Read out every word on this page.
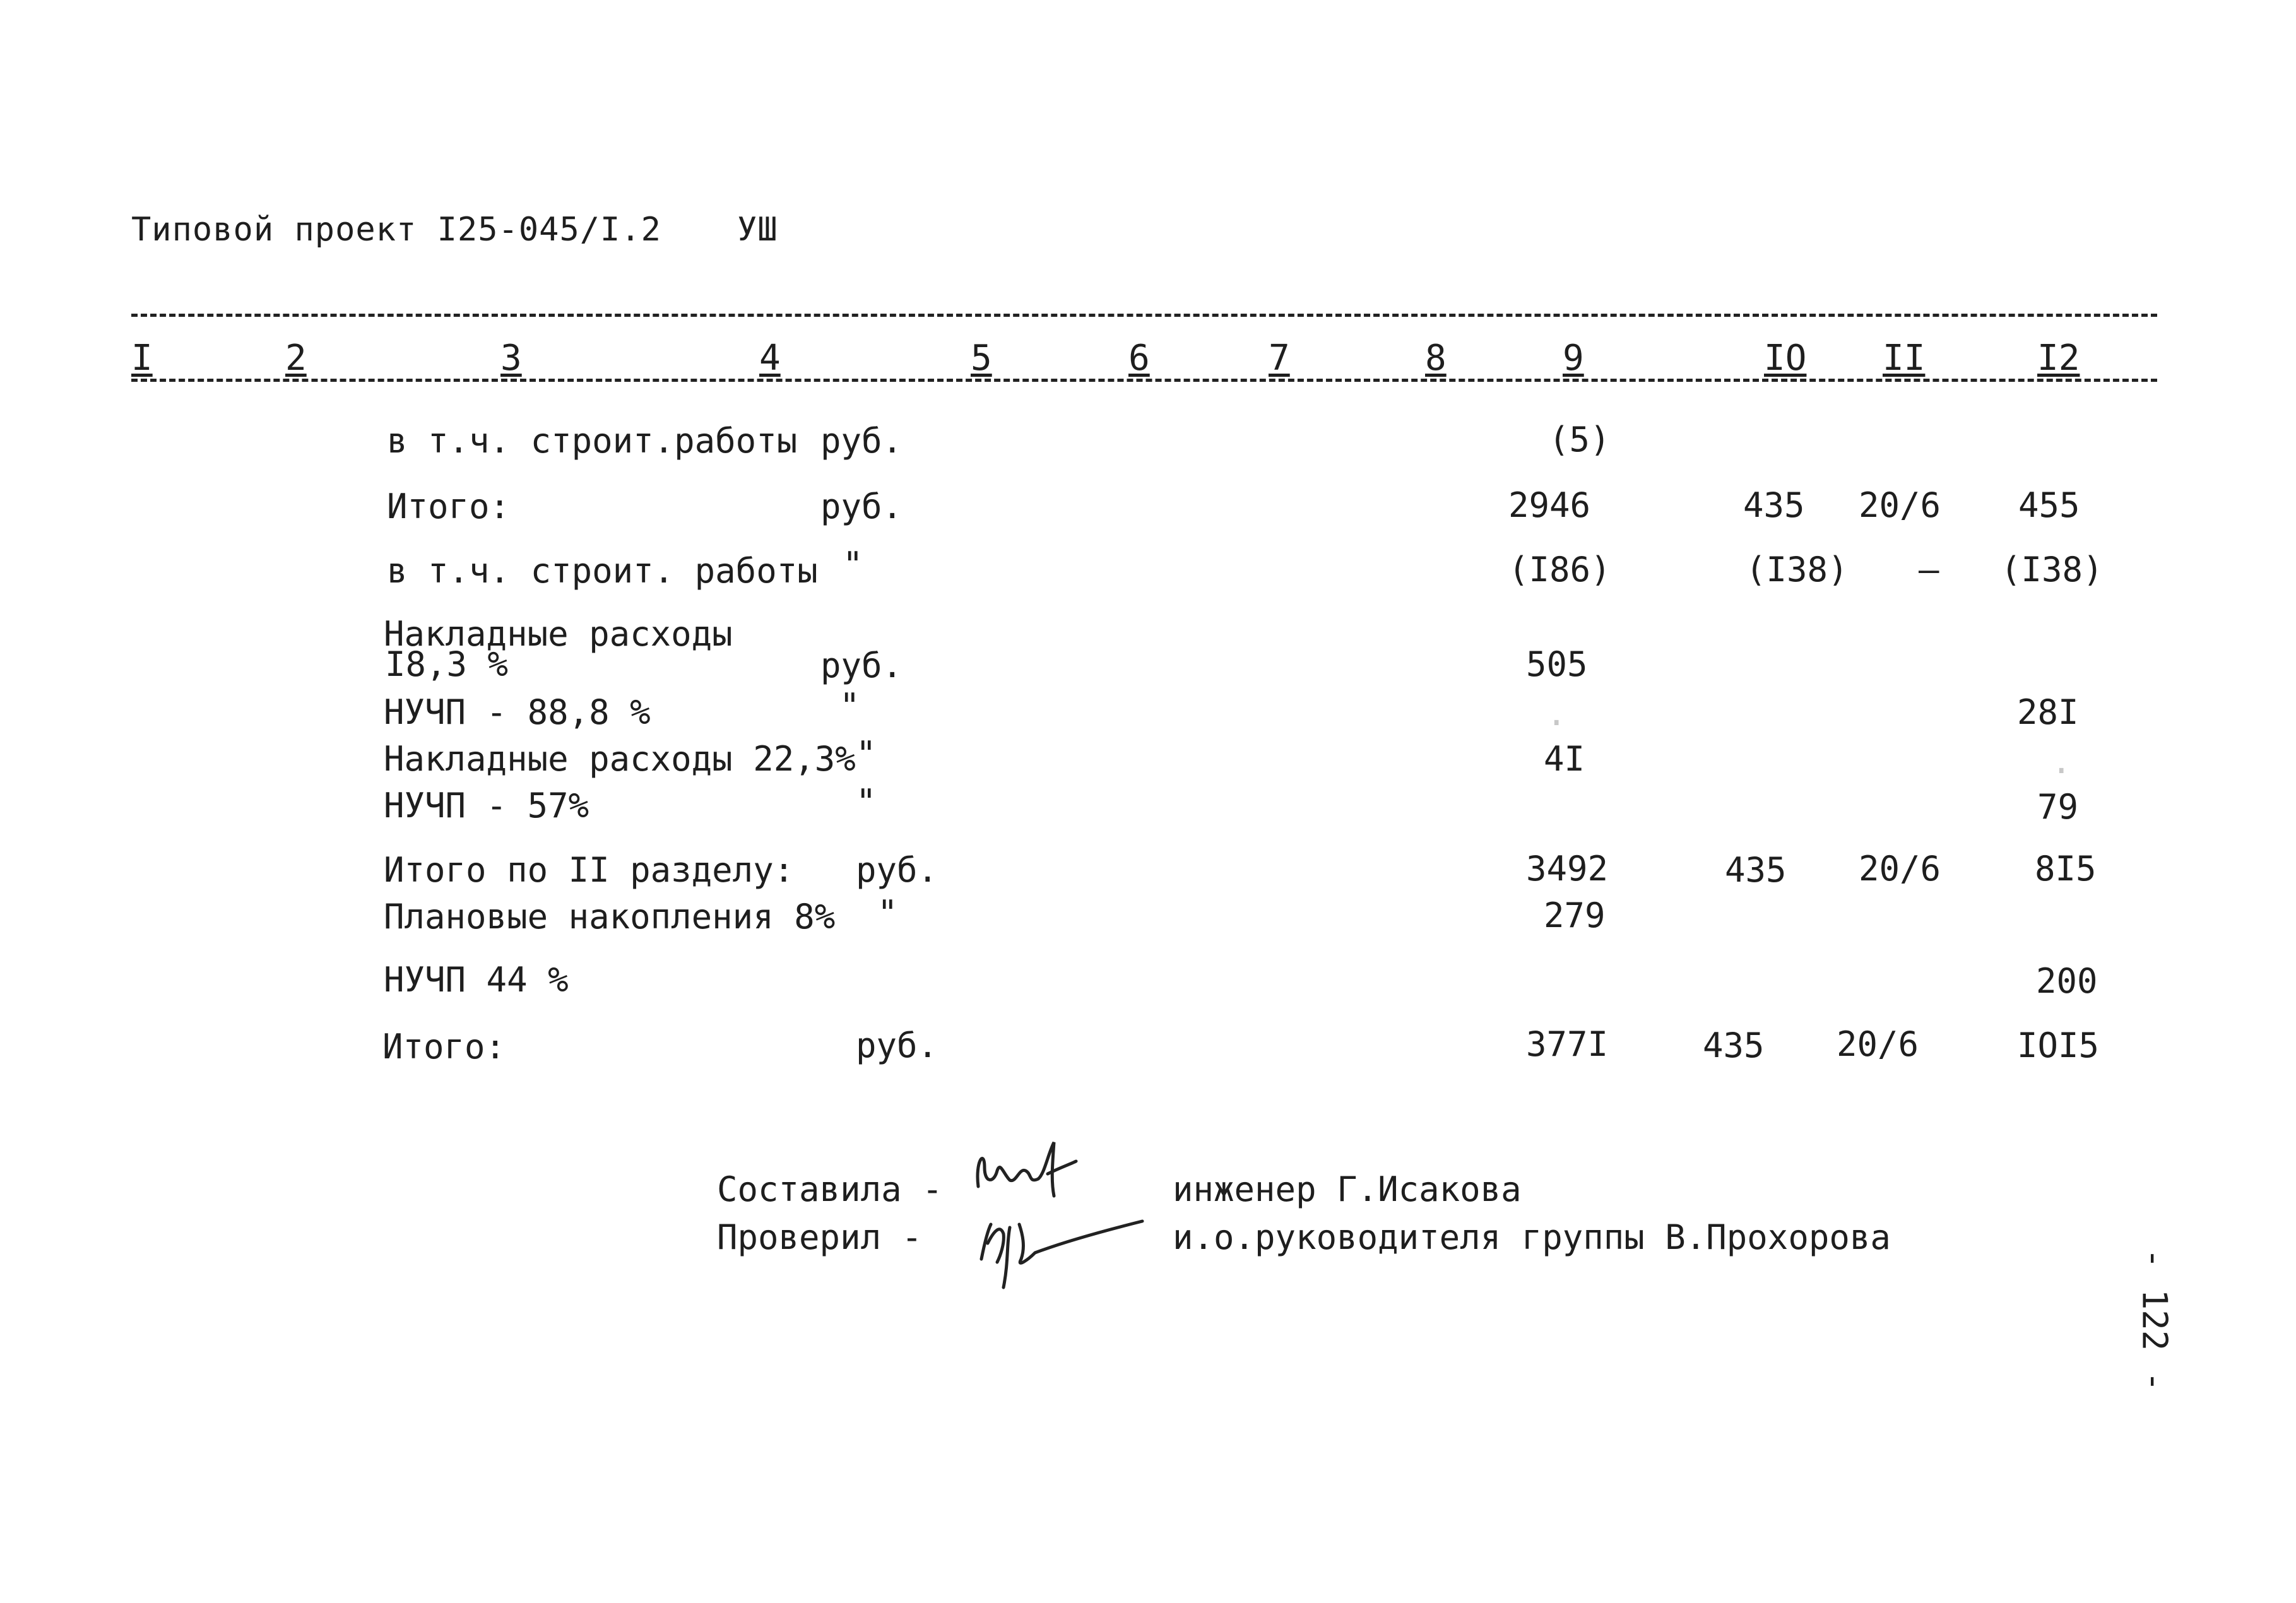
Типовой проект I25-045/I.2 УШ
I	2	3	4	5	6	7	8	9	IO II	I2
в т.ч. строит.работы руб.	(5)
Итого:	руб.	2946	435 20/6 455
в т.ч. строит. работы "	(I86)	(I38) – (I38)
Накладные расходы
I8,3 %	руб.	505
НУЧП - 88,8 %	"	.	28I
Накладные расходы 22,3% "	4I	.
НУЧП - 57%	"	79
Итого по II разделу: руб.	3492	435 20/6	8I5
Плановые накопления 8% "	279
НУЧП 44 %	200
Итого:	руб.	377I	435 20/6	IOI5
Составила -	инженер Г.Исакова
Проверил -	и.о.руководителя группы В.Прохорова
- 122 -
